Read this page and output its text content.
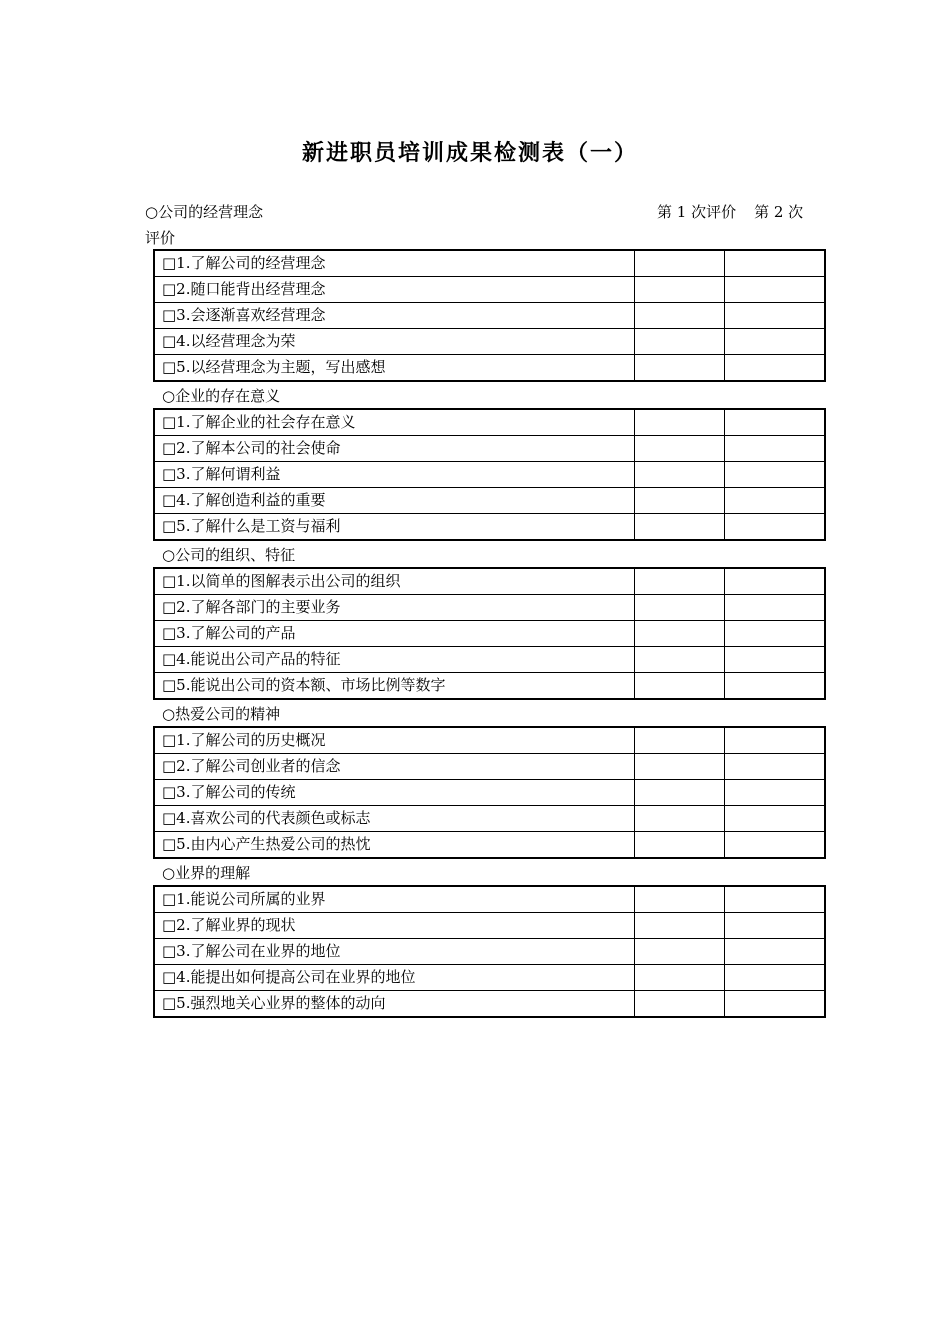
新进职员培训成果检测表（一）
○公司的经营理念	第 1 次评价 第 2 次
评价
□1.了解公司的经营理念		
□2.随口能背出经营理念		
□3.会逐渐喜欢经营理念		
□4.以经营理念为荣		
□5.以经营理念为主题，写出感想		
○企业的存在意义
□1.了解企业的社会存在意义		
□2.了解本公司的社会使命		
□3.了解何谓利益		
□4.了解创造利益的重要		
□5.了解什么是工资与福利		
○公司的组织、特征
□1.以简单的图解表示出公司的组织		
□2.了解各部门的主要业务		
□3.了解公司的产品		
□4.能说出公司产品的特征		
□5.能说出公司的资本额、市场比例等数字		
○热爱公司的精神
□1.了解公司的历史概况		
□2.了解公司创业者的信念		
□3.了解公司的传统		
□4.喜欢公司的代表颜色或标志		
□5.由内心产生热爱公司的热忱		
○业界的理解
□1.能说公司所属的业界		
□2.了解业界的现状		
□3.了解公司在业界的地位		
□4.能提出如何提高公司在业界的地位		
□5.强烈地关心业界的整体的动向		
